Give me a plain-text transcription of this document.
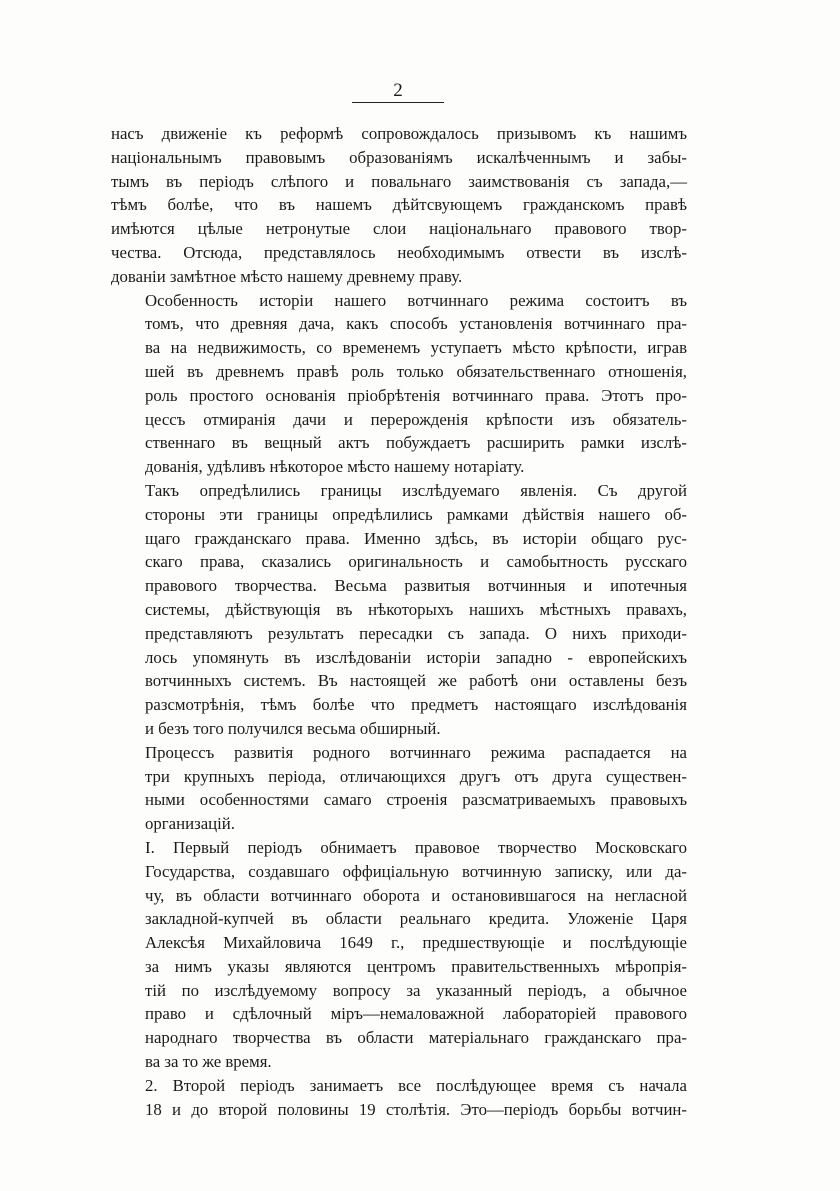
2

насъ движеніе къ реформѣ сопровождалось призывомъ къ нашимъ
національнымъ правовымъ образованіямъ искалѣченнымъ и забы-
тымъ въ періодъ слѣпого и повальнаго заимствованія съ запада,—
тѣмъ болѣе, что въ нашемъ дѣйтсвующемъ гражданскомъ правѣ
имѣются цѣлые нетронутые слои національнаго правового твор-
чества. Отсюда, представлялось необходимымъ отвести въ изслѣ-
дованіи замѣтное мѣсто нашему древнему праву.

Особенность исторіи нашего вотчиннаго режима состоитъ въ
томъ, что древняя дача, какъ способъ установленія вотчиннаго пра-
ва на недвижимость, со временемъ уступаетъ мѣсто крѣпости, играв
шей въ древнемъ правѣ роль только обязательственнаго отношенія,
роль простого основанія пріобрѣтенія вотчиннаго права. Этотъ про-
цессъ отмиранія дачи и перерожденія крѣпости изъ обязатель-
ственнаго въ вещный актъ побуждаетъ расширить рамки изслѣ-
дованія, удѣливъ нѣкоторое мѣсто нашему нотаріату.

Такъ опредѣлились границы изслѣдуемаго явленія. Съ другой
стороны эти границы опредѣлились рамками дѣйствія нашего об-
щаго гражданскаго права. Именно здѣсь, въ исторіи общаго рус-
скаго права, сказались оригинальность и самобытность русскаго
правового творчества. Весьма развитыя вотчинныя и ипотечныя
системы, дѣйствующія въ нѣкоторыхъ нашихъ мѣстныхъ правахъ,
представляютъ результатъ пересадки съ запада. О нихъ приходи-
лось упомянуть въ изслѣдованіи исторіи западно - европейскихъ
вотчинныхъ системъ. Въ настоящей же работѣ они оставлены безъ
разсмотрѣнія, тѣмъ болѣе что предметъ настоящаго изслѣдованія
и безъ того получился весьма обширный.

Процессъ развитія родного вотчиннаго режима распадается на
три крупныхъ періода, отличающихся другъ отъ друга существен-
ными особенностями самаго строенія разсматриваемыхъ правовыхъ
организацій.

I. Первый періодъ обнимаетъ правовое творчество Московскаго
Государства, создавшаго оффиціальную вотчинную записку, или да-
чу, въ области вотчиннаго оборота и остановившагося на негласной
закладной-купчей въ области реальнаго кредита. Уложеніе Царя
Алексѣя Михайловича 1649 г., предшествующіе и послѣдующіе
за нимъ указы являются центромъ правительственныхъ мѣропрія-
тій по изслѣдуемому вопросу за указанный періодъ, а обычное
право и сдѣлочный міръ—немаловажной лабораторіей правового
народнаго творчества въ области матеріальнаго гражданскаго пра-
ва за то же время.

2. Второй періодъ занимаетъ все послѣдующее время съ начала
18 и до второй половины 19 столѣтія. Это—періодъ борьбы вотчин-
